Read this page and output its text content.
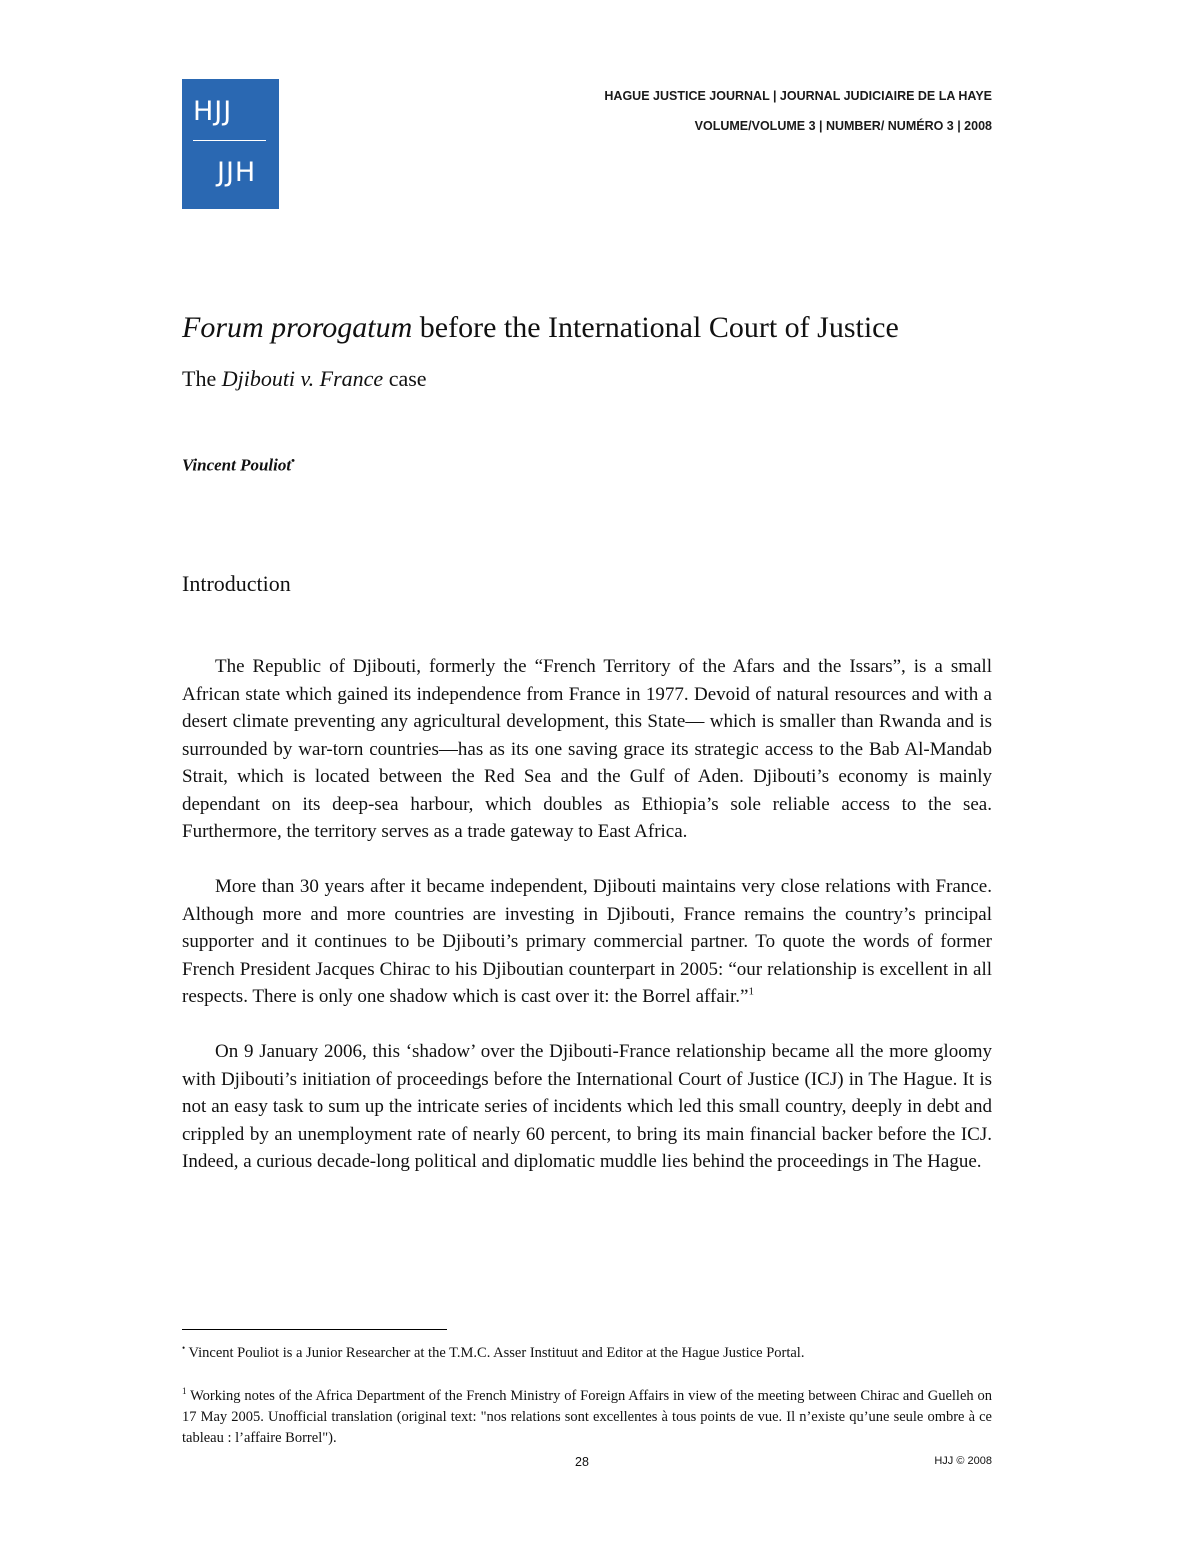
HJJ
JJH
HAGUE JUSTICE JOURNAL | JOURNAL JUDICIAIRE DE LA HAYE
VOLUME/VOLUME 3 | NUMBER/ NUMÉRO 3 | 2008
Forum prorogatum before the International Court of Justice
The Djibouti v. France case
Vincent Pouliot•
Introduction

The Republic of Djibouti, formerly the “French Territory of the Afars and the Issars”, is a small African state which gained its independence from France in 1977. Devoid of natural resources and with a desert climate preventing any agricultural development, this State— which is smaller than Rwanda and is surrounded by war-torn countries—has as its one saving grace its strategic access to the Bab Al-Mandab Strait, which is located between the Red Sea and the Gulf of Aden. Djibouti’s economy is mainly dependant on its deep-sea harbour, which doubles as Ethiopia’s sole reliable access to the sea. Furthermore, the territory serves as a trade gateway to East Africa.

More than 30 years after it became independent, Djibouti maintains very close relations with France. Although more and more countries are investing in Djibouti, France remains the country’s principal supporter and it continues to be Djibouti’s primary commercial partner. To quote the words of former French President Jacques Chirac to his Djiboutian counterpart in 2005: “our relationship is excellent in all respects. There is only one shadow which is cast over it: the Borrel affair.”$^1$

On 9 January 2006, this ‘shadow’ over the Djibouti-France relationship became all the more gloomy with Djibouti’s initiation of proceedings before the International Court of Justice (ICJ) in The Hague. It is not an easy task to sum up the intricate series of incidents which led this small country, deeply in debt and crippled by an unemployment rate of nearly 60 percent, to bring its main financial backer before the ICJ. Indeed, a curious decade-long political and diplomatic muddle lies behind the proceedings in The Hague.

• Vincent Pouliot is a Junior Researcher at the T.M.C. Asser Instituut and Editor at the Hague Justice Portal.
$^1$ Working notes of the Africa Department of the French Ministry of Foreign Affairs in view of the meeting between Chirac and Guelleh on 17 May 2005. Unofficial translation (original text: "nos relations sont excellentes à tous points de vue. Il n’existe qu’une seule ombre à ce tableau : l’affaire Borrel").
28	HJJ © 2008
